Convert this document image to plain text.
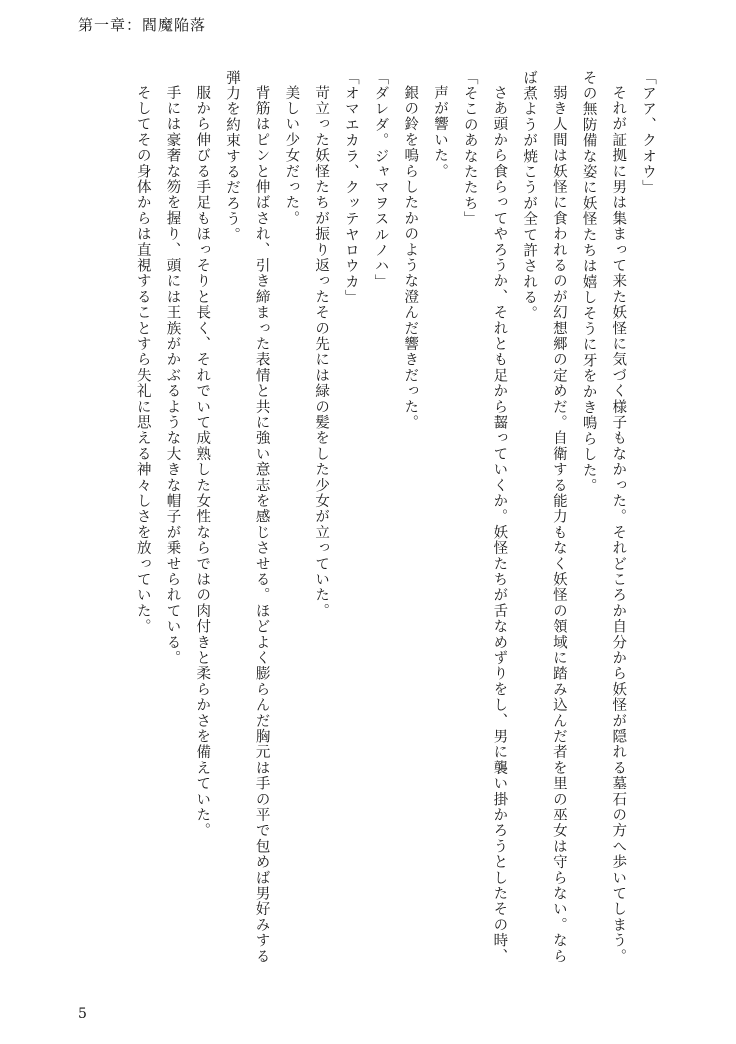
第一章：閻魔陥落

「アア、クオウ」

それが証拠に男は集まって来た妖怪に気づく様子もなかった。それどころか自分から妖怪が隠れる墓石の方へ歩いてしまう。その無防備な姿に妖怪たちは嬉しそうに牙をかき鳴らした。

弱き人間は妖怪に食われるのが幻想郷の定めだ。自衛する能力もなく妖怪の領域に踏み込んだ者を里の巫女は守らない。ならば煮ようが焼こうが全て許される。

さあ頭から食らってやろうか、それとも足から齧っていくか。妖怪たちが舌なめずりをし、男に襲い掛かろうとしたその時、

「そこのあなたたち」

声が響いた。

銀の鈴を鳴らしたかのような澄んだ響きだった。

「ダレダ。ジャマヲスルノハ」

「オマエカラ、クッテヤロウカ」

苛立った妖怪たちが振り返ったその先には緑の髪をした少女が立っていた。

美しい少女だった。

背筋はピンと伸ばされ、引き締まった表情と共に強い意志を感じさせる。ほどよく膨らんだ胸元は手の平で包めば男好みする弾力を約束するだろう。

服から伸びる手足もほっそりと長く、それでいて成熟した女性ならではの肉付きと柔らかさを備えていた。

手には豪奢な笏を握り、頭には王族がかぶるような大きな帽子が乗せられている。

そしてその身体からは直視することすら失礼に思える神々しさを放っていた。

5
